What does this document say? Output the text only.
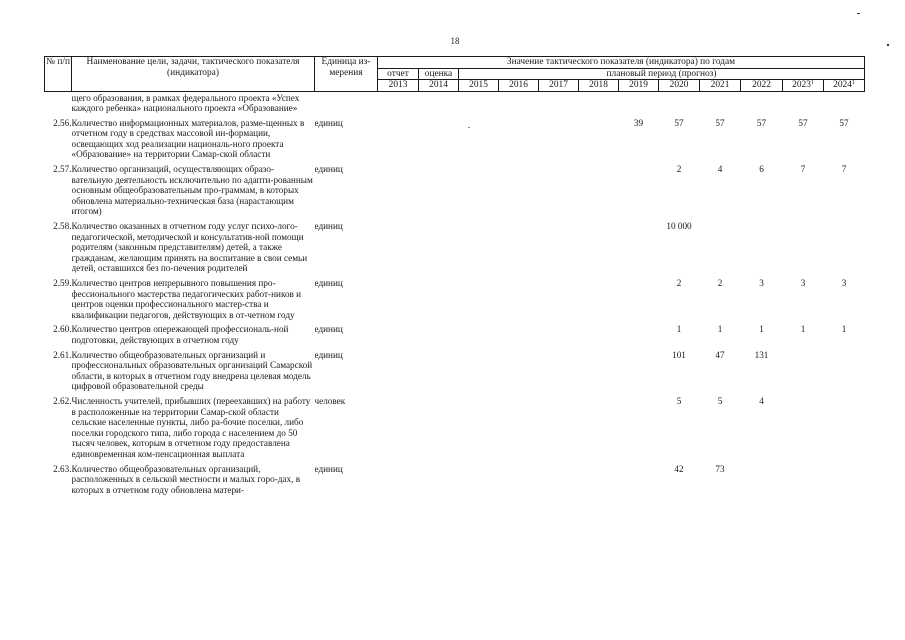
18
№ п/п	Наименование цели, задачи, тактического показателя (индикатора)	Единица из-мерения	Значение тактического показателя (индикатора) по годам											
			отчет	оценка	плановый период (прогноз)									
			2013	2014	2015	2016	2017	2018	2019	2020	2021	2022	2023$^1$	2024$^1$
	щего образования, в рамках федерального проекта «Успех каждого ребенка» национального проекта «Образование»													
2.56.	Количество информационных материалов, разме-щенных в отчетном году в средствах массовой ин-формации, освещающих ход реализации националь-ного проекта «Образование» на территории Самар-ской области	единиц							39	57	57	57	57	57
2.57.	Количество организаций, осуществляющих образо-вательную деятельность исключительно по адапти-рованным основным общеобразовательным про-граммам, в которых обновлена материально-техническая база (нарастающим итогом)	единиц								2	4	6	7	7
2.58.	Количество оказанных в отчетном году услуг психо-лого-педагогической, методической и консультатив-ной помощи родителям (законным представителям) детей, а также гражданам, желающим принять на воспитание в свои семьи детей, оставшихся без по-печения родителей	единиц								10 000				
2.59.	Количество центров непрерывного повышения про-фессионального мастерства педагогических работ-ников и центров оценки профессионального мастер-ства и квалификации педагогов, действующих в от-четном году	единиц								2	2	3	3	3
2.60.	Количество центров опережающей профессиональ-ной подготовки, действующих в отчетном году	единиц								1	1	1	1	1
2.61.	Количество общеобразовательных организаций и профессиональных образовательных организаций Самарской области, в которых в отчетном году внедрена целевая модель цифровой образовательной среды	единиц								101	47	131		
2.62.	Численность учителей, прибывших (переехавших) на работу в расположенные на территории Самар-ской области сельские населенные пункты, либо ра-бочие поселки, либо поселки городского типа, либо города с населением до 50 тысяч человек, которым в отчетном году предоставлена единовременная ком-пенсационная выплата	человек								5	5	4		
2.63.	Количество общеобразовательных организаций, расположенных в сельской местности и малых горо-дах, в которых в отчетном году обновлена матери-	единиц								42	73			
